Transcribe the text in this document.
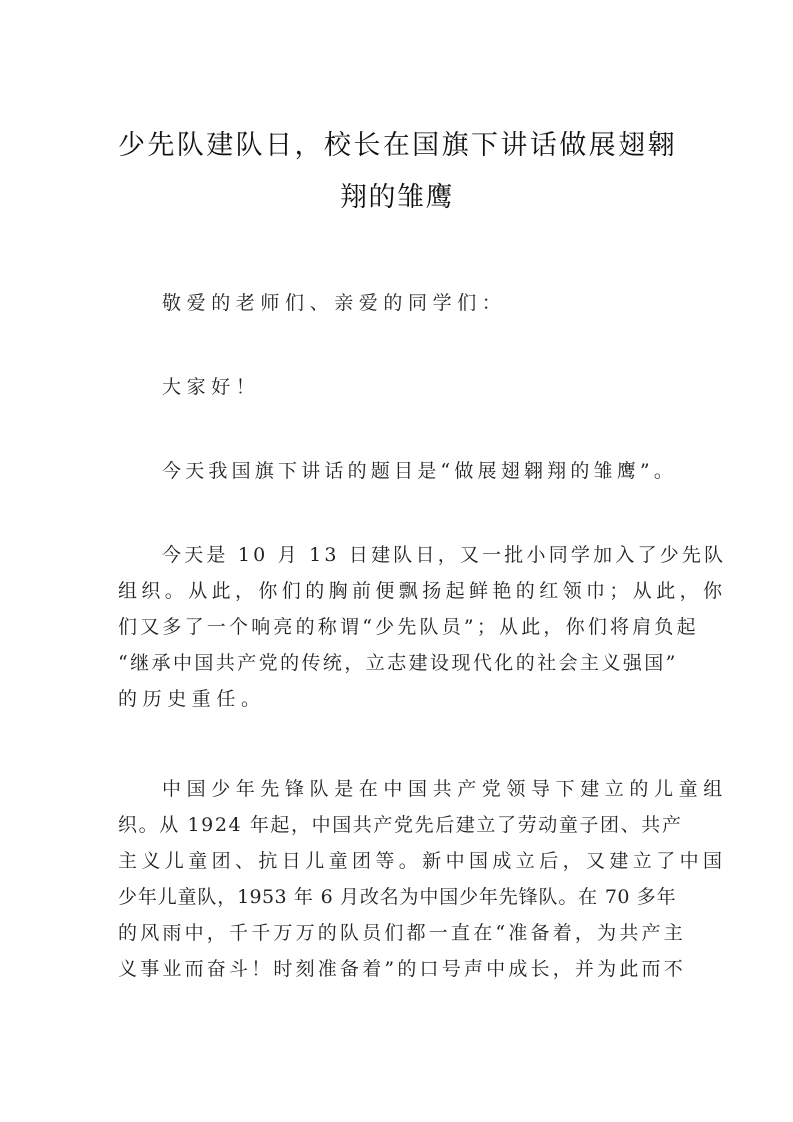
少先队建队日，校长在国旗下讲话做展翅翱
翔的雏鹰

敬爱的老师们、亲爱的同学们：

大家好！

今天我国旗下讲话的题目是“做展翅翱翔的雏鹰”。

今天是 10 月 13 日建队日，又一批小同学加入了少先队
组织。从此，你们的胸前便飘扬起鲜艳的红领巾；从此，你
们又多了一个响亮的称谓“少先队员”；从此，你们将肩负起
“继承中国共产党的传统，立志建设现代化的社会主义强国”
的历史重任。
中国少年先锋队是在中国共产党领导下建立的儿童组
织。从 1924 年起，中国共产党先后建立了劳动童子团、共产
主义儿童团、抗日儿童团等。新中国成立后，又建立了中国
少年儿童队，1953 年 6 月改名为中国少年先锋队。在 70 多年
的风雨中，千千万万的队员们都一直在“准备着，为共产主
义事业而奋斗！时刻准备着”的口号声中成长，并为此而不
